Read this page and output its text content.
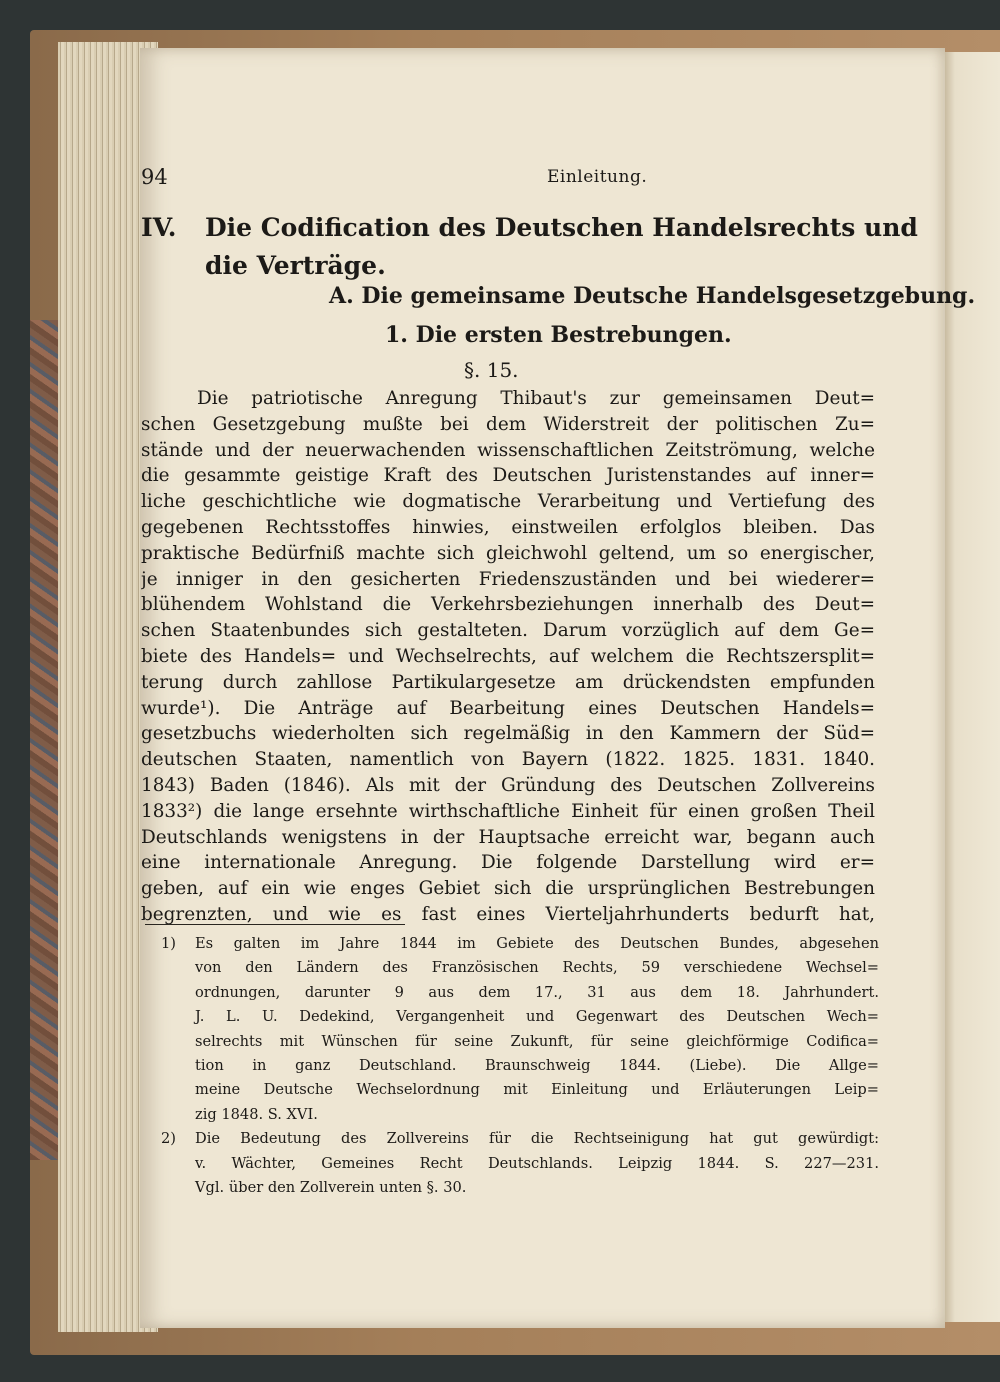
94	Einleitung.
IV. Die Codification des Deutschen Handelsrechts und
die Verträge.
A. Die gemeinsame Deutsche Handelsgesetzgebung.
1. Die ersten Bestrebungen.
§. 15.
Die patriotische Anregung Thibaut's zur gemeinsamen Deut=
schen Gesetzgebung mußte bei dem Widerstreit der politischen Zu=
stände und der neuerwachenden wissenschaftlichen Zeitströmung, welche
die gesammte geistige Kraft des Deutschen Juristenstandes auf inner=
liche geschichtliche wie dogmatische Verarbeitung und Vertiefung des
gegebenen Rechtsstoffes hinwies, einstweilen erfolglos bleiben. Das
praktische Bedürfniß machte sich gleichwohl geltend, um so energischer,
je inniger in den gesicherten Friedenszuständen und bei wiederer=
blühendem Wohlstand die Verkehrsbeziehungen innerhalb des Deut=
schen Staatenbundes sich gestalteten. Darum vorzüglich auf dem Ge=
biete des Handels= und Wechselrechts, auf welchem die Rechtszersplit=
terung durch zahllose Partikulargesetze am drückendsten empfunden
wurde¹). Die Anträge auf Bearbeitung eines Deutschen Handels=
gesetzbuchs wiederholten sich regelmäßig in den Kammern der Süd=
deutschen Staaten, namentlich von Bayern (1822. 1825. 1831. 1840.
1843) Baden (1846). Als mit der Gründung des Deutschen Zollvereins
1833²) die lange ersehnte wirthschaftliche Einheit für einen großen Theil
Deutschlands wenigstens in der Hauptsache erreicht war, begann auch
eine internationale Anregung. Die folgende Darstellung wird er=
geben, auf ein wie enges Gebiet sich die ursprünglichen Bestrebungen
begrenzten, und wie es fast eines Vierteljahrhunderts bedurft hat,
1)	Es galten im Jahre 1844 im Gebiete des Deutschen Bundes, abgesehen
von den Ländern des Französischen Rechts, 59 verschiedene Wechsel=
ordnungen, darunter 9 aus dem 17., 31 aus dem 18. Jahrhundert.
J. L. U. Dedekind, Vergangenheit und Gegenwart des Deutschen Wech=
selrechts mit Wünschen für seine Zukunft, für seine gleichförmige Codifica=
tion in ganz Deutschland. Braunschweig 1844. (Liebe). Die Allge=
meine Deutsche Wechselordnung mit Einleitung und Erläuterungen Leip=
zig 1848. S. XVI.
2)	Die Bedeutung des Zollvereins für die Rechtseinigung hat gut gewürdigt:
v. Wächter, Gemeines Recht Deutschlands. Leipzig 1844. S. 227—231.
Vgl. über den Zollverein unten §. 30.
